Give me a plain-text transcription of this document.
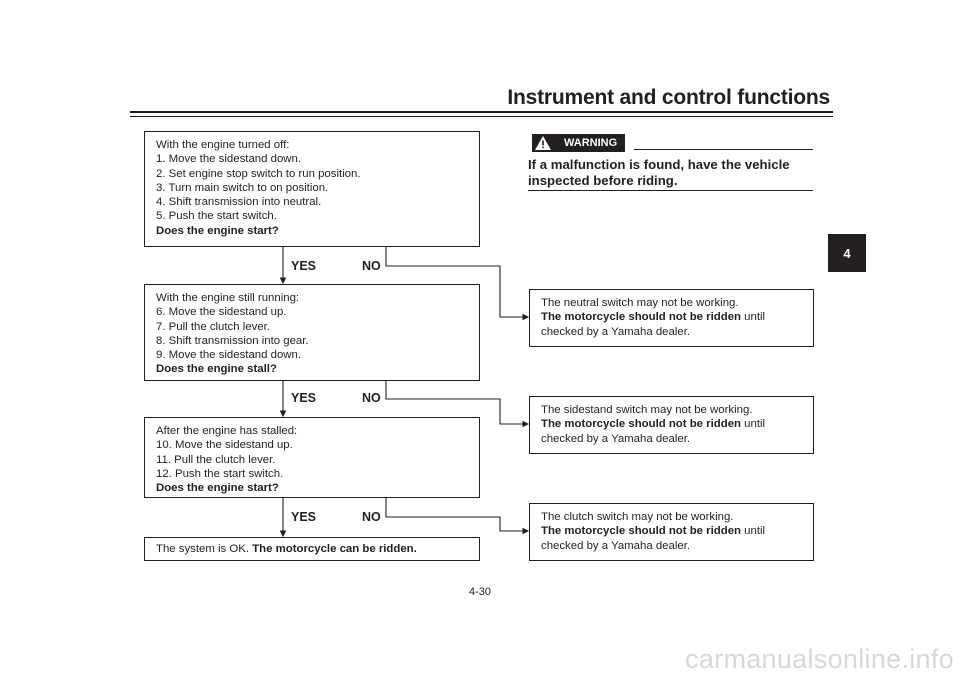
Instrument and control functions
4
With the engine turned off:
1. Move the sidestand down.
2. Set engine stop switch to run position.
3. Turn main switch to on position.
4. Shift transmission into neutral.
5. Push the start switch.
Does the engine start?
YES	NO
With the engine still running:
6. Move the sidestand up.
7. Pull the clutch lever.
8. Shift transmission into gear.
9. Move the sidestand down.
Does the engine stall?
YES	NO
After the engine has stalled:
10. Move the sidestand up.
11. Pull the clutch lever.
12. Push the start switch.
Does the engine start?
YES	NO
The system is OK. The motorcycle can be ridden.
WARNING
If a malfunction is found, have the vehicle
inspected before riding.
The neutral switch may not be working.
The motorcycle should not be ridden until
checked by a Yamaha dealer.
The sidestand switch may not be working.
The motorcycle should not be ridden until
checked by a Yamaha dealer.
The clutch switch may not be working.
The motorcycle should not be ridden until
checked by a Yamaha dealer.
4-30
carmanualsonline.info
